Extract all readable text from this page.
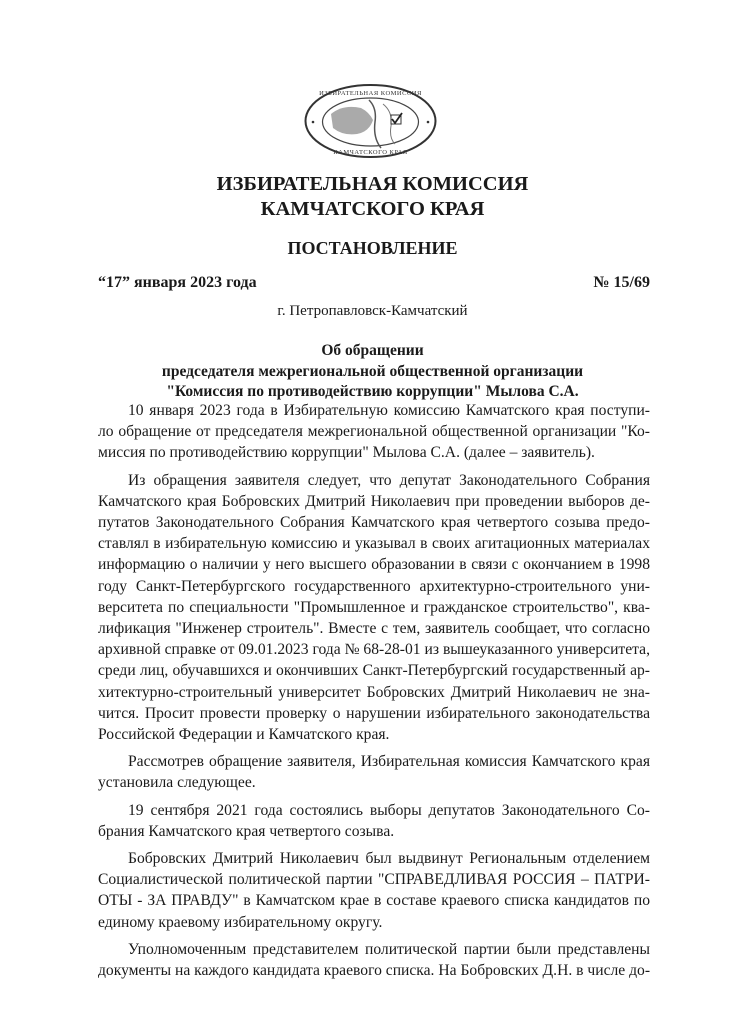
ИЗБИРАТЕЛЬНАЯ КОМИССИЯ
КАМЧАТСКОГО КРАЯ
ИЗБИРАТЕЛЬНАЯ КОМИССИЯ
КАМЧАТСКОГО КРАЯ
ПОСТАНОВЛЕНИЕ
“17” января 2023 года	№ 15/69
г. Петропавловск-Камчатский
Об обращении
председателя межрегиональной общественной организации
"Комиссия по противодействию коррупции" Мылова С.А.
10 января 2023 года в Избирательную комиссию Камчатского края поступи-
ло обращение от председателя межрегиональной общественной организации "Ко-
миссия по противодействию коррупции" Мылова С.А. (далее – заявитель).
Из обращения заявителя следует, что депутат Законодательного Собрания
Камчатского края Бобровских Дмитрий Николаевич при проведении выборов де-
путатов Законодательного Собрания Камчатского края четвертого созыва предо-
ставлял в избирательную комиссию и указывал в своих агитационных материалах
информацию о наличии у него высшего образовании в связи с окончанием в 1998
году Санкт-Петербургского государственного архитектурно-строительного уни-
верситета по специальности "Промышленное и гражданское строительство", ква-
лификация "Инженер строитель". Вместе с тем, заявитель сообщает, что согласно
архивной справке от 09.01.2023 года № 68-28-01 из вышеуказанного университета,
среди лиц, обучавшихся и окончивших Санкт-Петербургский государственный ар-
хитектурно-строительный университет Бобровских Дмитрий Николаевич не зна-
чится. Просит провести проверку о нарушении избирательного законодательства
Российской Федерации и Камчатского края.
Рассмотрев обращение заявителя, Избирательная комиссия Камчатского края
установила следующее.
19 сентября 2021 года состоялись выборы депутатов Законодательного Со-
брания Камчатского края четвертого созыва.
Бобровских Дмитрий Николаевич был выдвинут Региональным отделением
Социалистической политической партии "СПРАВЕДЛИВАЯ РОССИЯ – ПАТРИ-
ОТЫ - ЗА ПРАВДУ" в Камчатском крае в составе краевого списка кандидатов по
единому краевому избирательному округу.
Уполномоченным представителем политической партии были представлены
документы на каждого кандидата краевого списка. На Бобровских Д.Н. в числе до-
